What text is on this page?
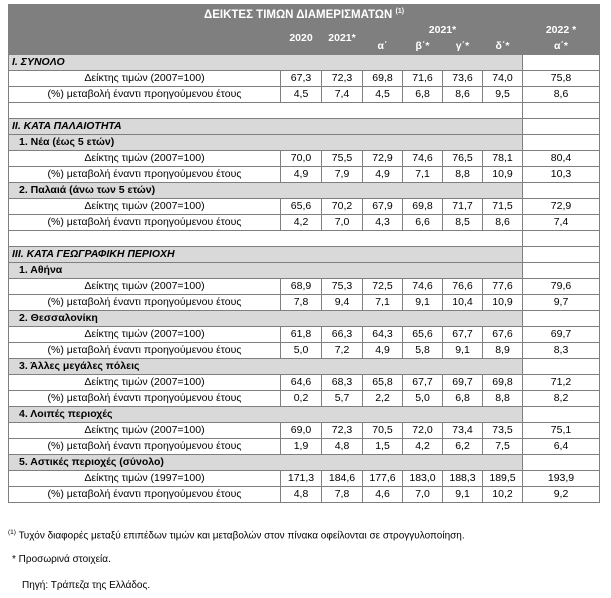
ΔΕΙΚΤΕΣ ΤΙΜΩΝ ΔΙΑΜΕΡΙΣΜΑΤΩΝ $^{(1)}$
	2020	2021*	2021*				2022 *
			α΄	β΄*	γ΄*	δ΄*	α΄*
I. ΣΥΝΟΛΟ							
Δείκτης τιμών (2007=100)	67,3	72,3	69,8	71,6	73,6	74,0	75,8
(%) μεταβολή έναντι προηγούμενου έτους	4,5	7,4	4,5	6,8	8,6	9,5	8,6

II. ΚΑΤΑ ΠΑΛΑΙΟΤΗΤΑ							
1. Νέα (έως 5 ετών)							
Δείκτης τιμών (2007=100)	70,0	75,5	72,9	74,6	76,5	78,1	80,4
(%) μεταβολή έναντι προηγούμενου έτους	4,9	7,9	4,9	7,1	8,8	10,9	10,3
2. Παλαιά (άνω των 5 ετών)							
Δείκτης τιμών (2007=100)	65,6	70,2	67,9	69,8	71,7	71,5	72,9
(%) μεταβολή έναντι προηγούμενου έτους	4,2	7,0	4,3	6,6	8,5	8,6	7,4

III. ΚΑΤΑ ΓΕΩΓΡΑΦΙΚΗ ΠΕΡΙΟΧΗ							
1. Αθήνα							
Δείκτης τιμών (2007=100)	68,9	75,3	72,5	74,6	76,6	77,6	79,6
(%) μεταβολή έναντι προηγούμενου έτους	7,8	9,4	7,1	9,1	10,4	10,9	9,7
2. Θεσσαλονίκη							
Δείκτης τιμών (2007=100)	61,8	66,3	64,3	65,6	67,7	67,6	69,7
(%) μεταβολή έναντι προηγούμενου έτους	5,0	7,2	4,9	5,8	9,1	8,9	8,3
3. Άλλες μεγάλες πόλεις							
Δείκτης τιμών (2007=100)	64,6	68,3	65,8	67,7	69,7	69,8	71,2
(%) μεταβολή έναντι προηγούμενου έτους	0,2	5,7	2,2	5,0	6,8	8,8	8,2
4. Λοιπές περιοχές							
Δείκτης τιμών (2007=100)	69,0	72,3	70,5	72,0	73,4	73,5	75,1
(%) μεταβολή έναντι προηγούμενου έτους	1,9	4,8	1,5	4,2	6,2	7,5	6,4
5. Αστικές περιοχές (σύνολο)							
Δείκτης τιμών (1997=100)	171,3	184,6	177,6	183,0	188,3	189,5	193,9
(%) μεταβολή έναντι προηγούμενου έτους	4,8	7,8	4,6	7,0	9,1	10,2	9,2
$^{(1)}$ Τυχόν διαφορές μεταξύ επιπέδων τιμών και μεταβολών στον πίνακα οφείλονται σε στρογγυλοποίηση.
* Προσωρινά στοιχεία.
Πηγή: Τράπεζα της Ελλάδος.
